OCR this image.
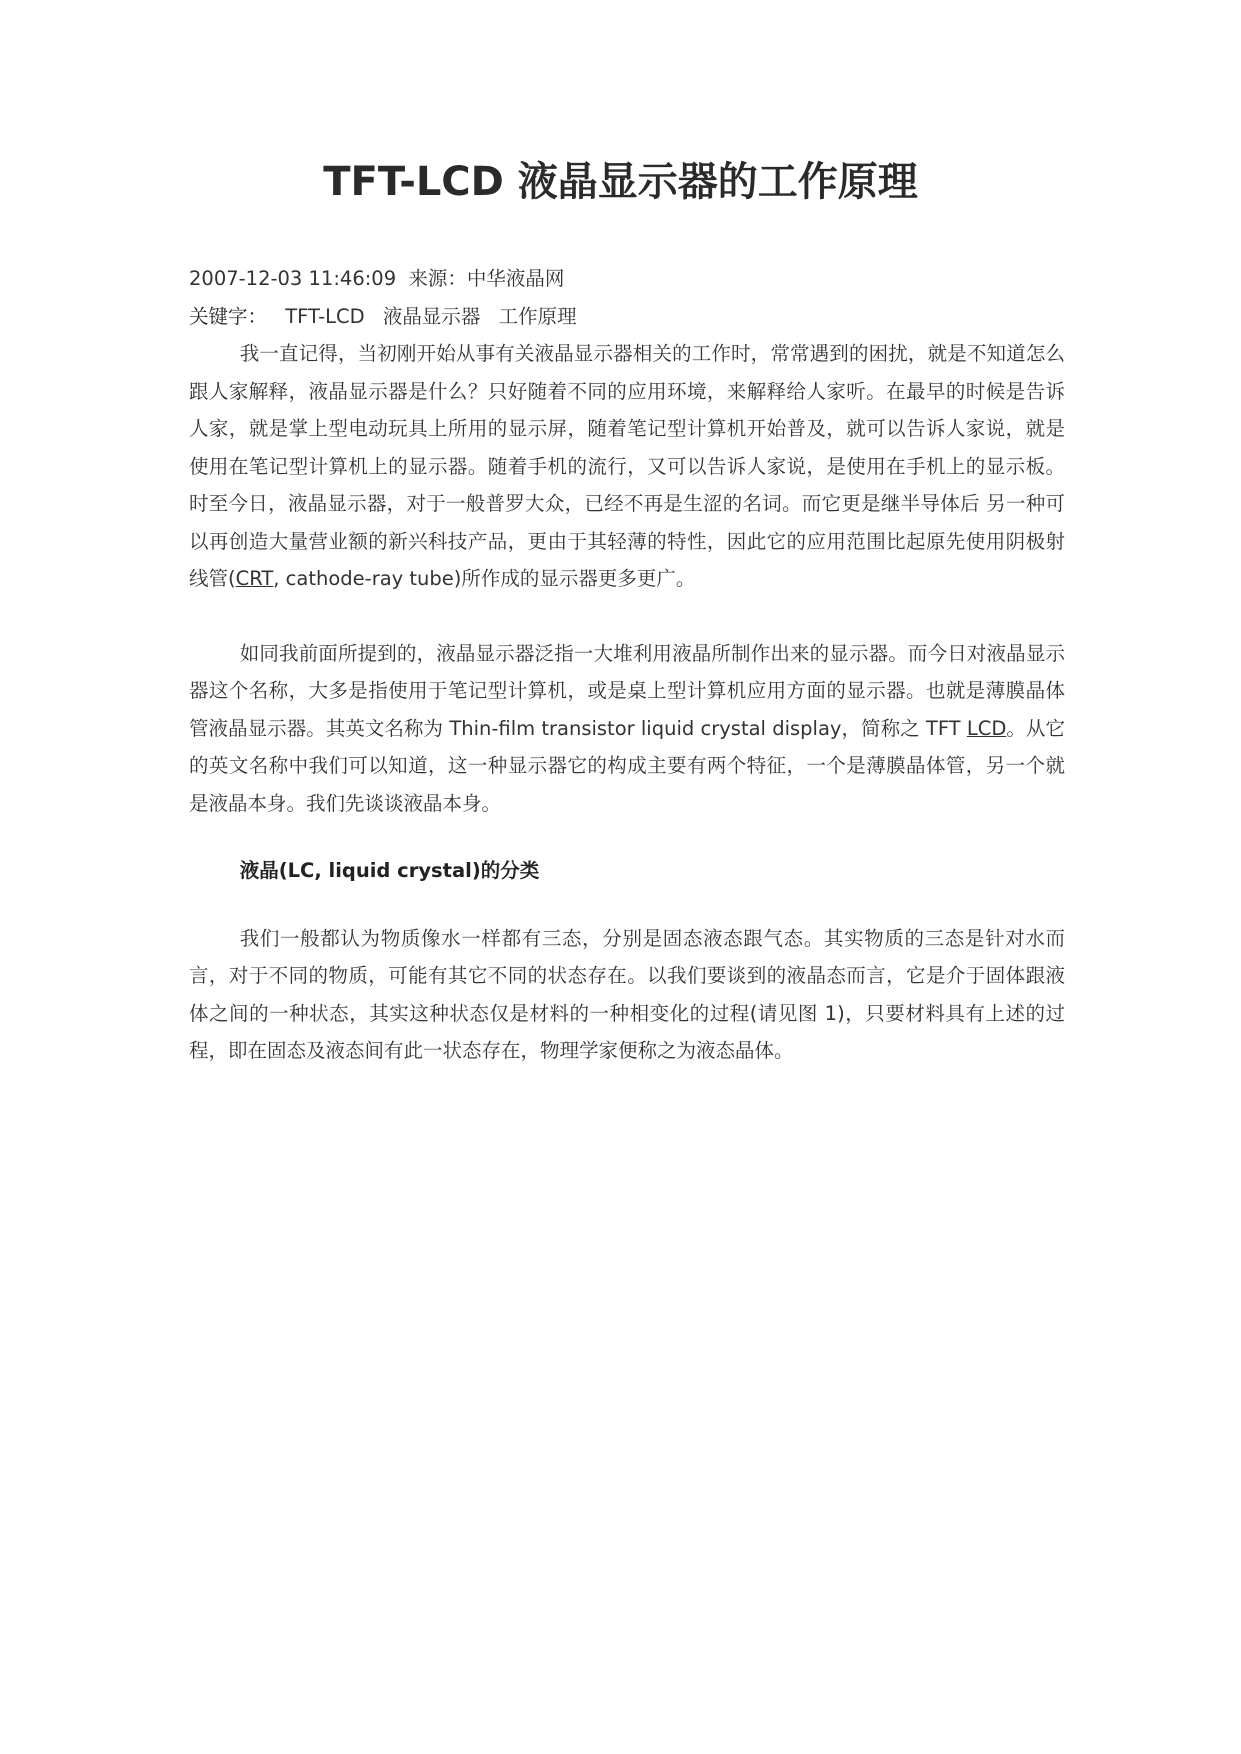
TFT-LCD 液晶显示器的工作原理

2007-12-03 11:46:09 来源：中华液晶网

关键字： TFT-LCD 液晶显示器 工作原理

我一直记得，当初刚开始从事有关液晶显示器相关的工作时，常常遇到的困扰，就是不知道怎么跟人家解释，液晶显示器是什么？只好随着不同的应用环境，来解释给人家听。在最早的时候是告诉人家，就是掌上型电动玩具上所用的显示屏，随着笔记型计算机开始普及，就可以告诉人家说，就是使用在笔记型计算机上的显示器。随着手机的流行，又可以告诉人家说，是使用在手机上的显示板。时至今日，液晶显示器，对于一般普罗大众，已经不再是生涩的名词。而它更是继半导体后 另一种可以再创造大量营业额的新兴科技产品，更由于其轻薄的特性，因此它的应用范围比起原先使用阴极射线管(CRT, cathode-ray tube)所作成的显示器更多更广。

如同我前面所提到的，液晶显示器泛指一大堆利用液晶所制作出来的显示器。而今日对液晶显示器这个名称，大多是指使用于笔记型计算机，或是桌上型计算机应用方面的显示器。也就是薄膜晶体管液晶显示器。其英文名称为 Thin-film transistor liquid crystal display，简称之 TFT LCD。从它的英文名称中我们可以知道，这一种显示器它的构成主要有两个特征，一个是薄膜晶体管，另一个就是液晶本身。我们先谈谈液晶本身。

液晶(LC, liquid crystal)的分类

我们一般都认为物质像水一样都有三态，分别是固态液态跟气态。其实物质的三态是针对水而言，对于不同的物质，可能有其它不同的状态存在。以我们要谈到的液晶态而言，它是介于固体跟液体之间的一种状态，其实这种状态仅是材料的一种相变化的过程(请见图 1)，只要材料具有上述的过程，即在固态及液态间有此一状态存在，物理学家便称之为液态晶体。
